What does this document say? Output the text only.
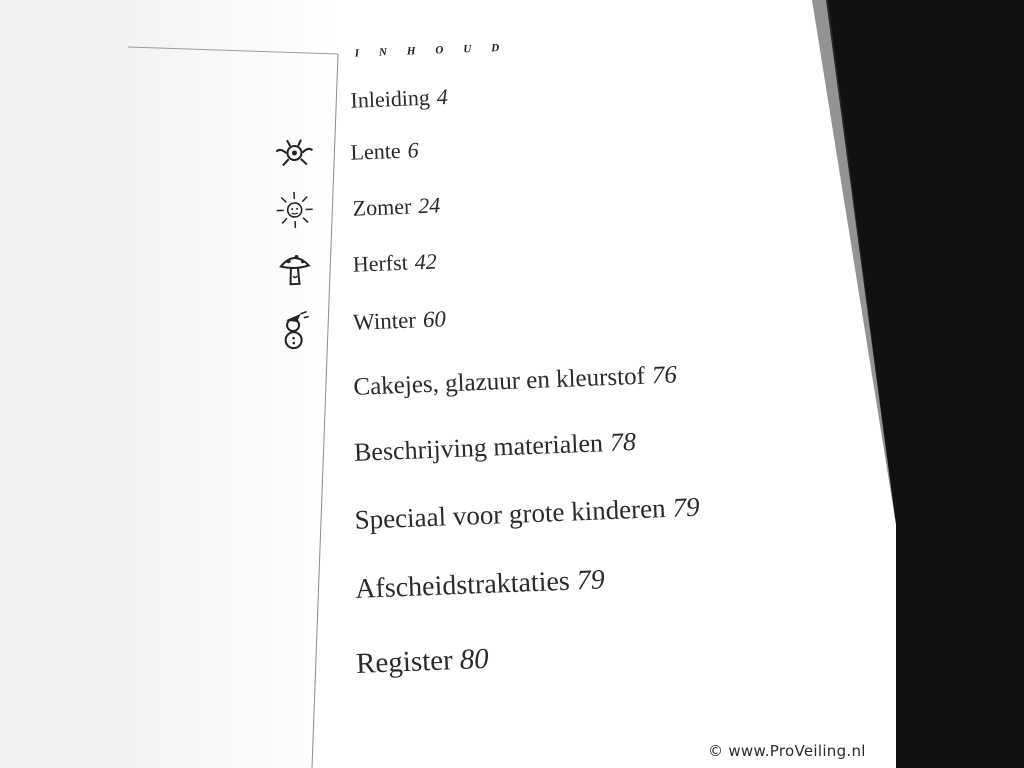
INHOUD
Inleiding 4
Lente 6
Zomer 24
Herfst 42
Winter 60
Cakejes, glazuur en kleurstof 76
Beschrijving materialen 78
Speciaal voor grote kinderen 79
Afscheidstraktaties 79
Register 80
© www.ProVeiling.nl
